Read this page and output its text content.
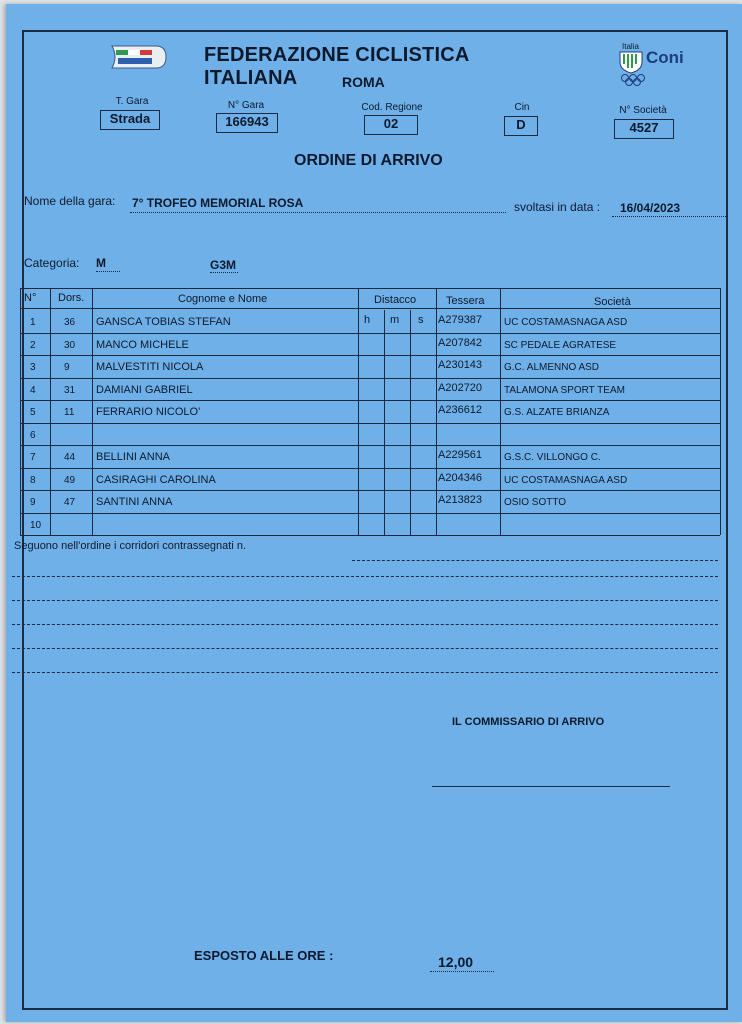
FEDERAZIONE CICLISTICA ITALIANA	ROMA
Italia
Coni
T. Gara
Strada
N° Gara
166943
Cod. Regione
02
Cin
D
N° Società
4527
ORDINE DI ARRIVO
Nome della gara: 7° TROFEO MEMORIAL ROSA	svoltasi in data : 16/04/2023
Categoria: M	G3M
N° Dors.	Cognome e Nome	Distacco	Tessera	Società
h m s
1	36 GANSCA TOBIAS STEFAN	A279387 UC COSTAMASNAGA ASD
2	30 MANCO MICHELE	A207842 SC PEDALE AGRATESE
3	9 MALVESTITI NICOLA	A230143 G.C. ALMENNO ASD
4	31 DAMIANI GABRIEL	A202720 TALAMONA SPORT TEAM
5	11 FERRARIO NICOLO'	A236612 G.S. ALZATE BRIANZA
6
7	44 BELLINI ANNA	A229561 G.S.C. VILLONGO C.
8	49 CASIRAGHI CAROLINA	A204346 UC COSTAMASNAGA ASD
9	47 SANTINI ANNA	A213823 OSIO SOTTO
10
Seguono nell'ordine i corridori contrassegnati n.
IL COMMISSARIO DI ARRIVO
ESPOSTO ALLE ORE :	12,00
